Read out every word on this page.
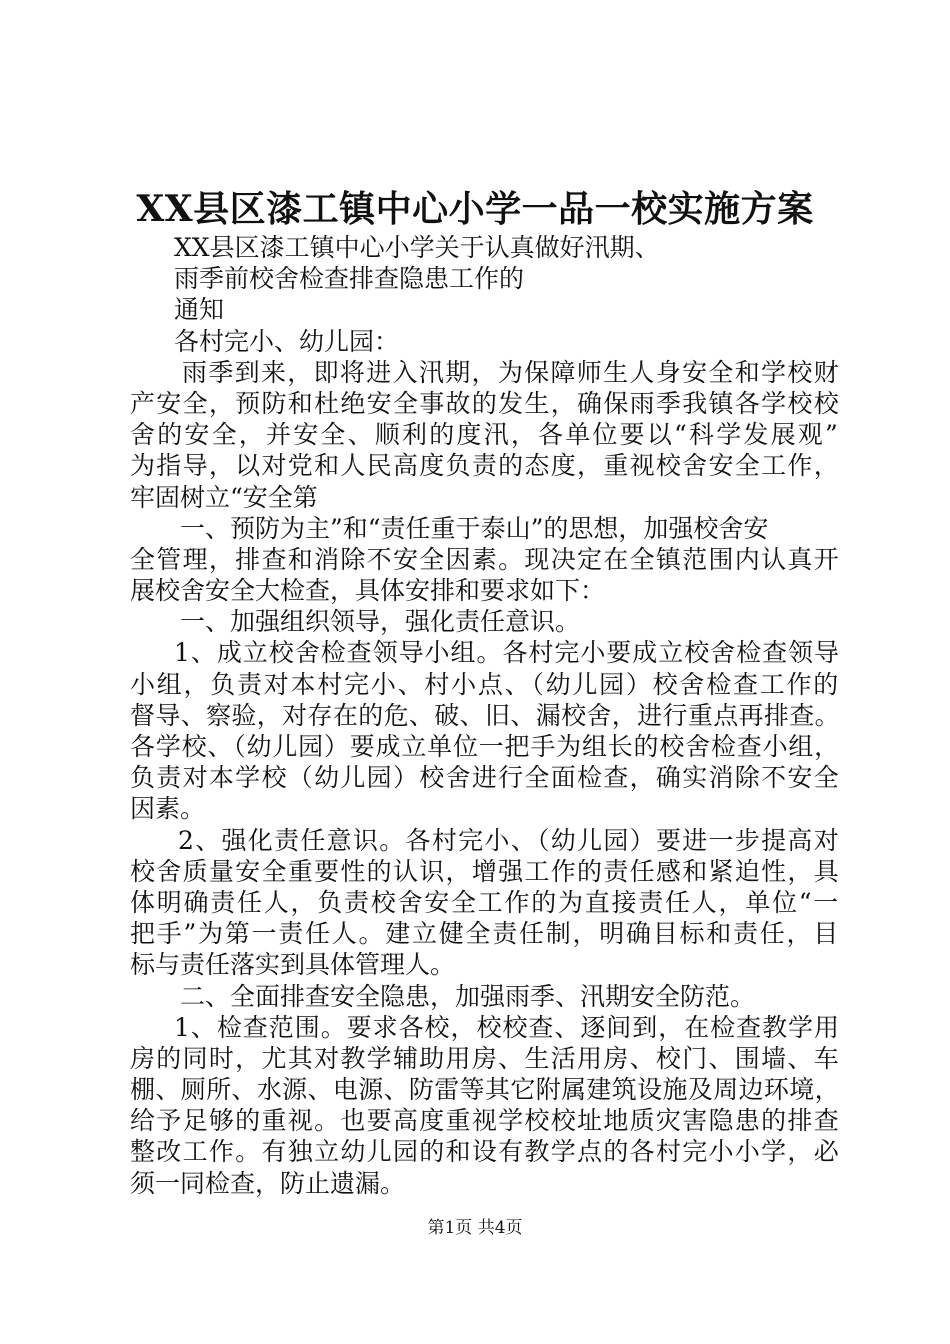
XX县区漆工镇中心小学一品一校实施方案
XX县区漆工镇中心小学关于认真做好汛期、
雨季前校舍检查排查隐患工作的
通知
各村完小、幼儿园：
雨季到来，即将进入汛期，为保障师生人身安全和学校财
产安全，预防和杜绝安全事故的发生，确保雨季我镇各学校校
舍的安全，并安全、顺利的度汛，各单位要以“科学发展观”
为指导，以对党和人民高度负责的态度，重视校舍安全工作，
牢固树立“安全第
一、预防为主”和“责任重于泰山”的思想，加强校舍安
全管理，排查和消除不安全因素。现决定在全镇范围内认真开
展校舍安全大检查，具体安排和要求如下：
一、加强组织领导，强化责任意识。
1、成立校舍检查领导小组。各村完小要成立校舍检查领导
小组，负责对本村完小、村小点、（幼儿园）校舍检查工作的
督导、察验，对存在的危、破、旧、漏校舍，进行重点再排查。
各学校、（幼儿园）要成立单位一把手为组长的校舍检查小组，
负责对本学校（幼儿园）校舍进行全面检查，确实消除不安全
因素。
2、强化责任意识。各村完小、（幼儿园）要进一步提高对
校舍质量安全重要性的认识，增强工作的责任感和紧迫性，具
体明确责任人，负责校舍安全工作的为直接责任人，单位“一
把手”为第一责任人。建立健全责任制，明确目标和责任，目
标与责任落实到具体管理人。
二、全面排查安全隐患，加强雨季、汛期安全防范。
1、检查范围。要求各校，校校查、逐间到，在检查教学用
房的同时，尤其对教学辅助用房、生活用房、校门、围墙、车
棚、厕所、水源、电源、防雷等其它附属建筑设施及周边环境，
给予足够的重视。也要高度重视学校校址地质灾害隐患的排查
整改工作。有独立幼儿园的和设有教学点的各村完小小学，必
须一同检查，防止遗漏。
第1页 共4页
